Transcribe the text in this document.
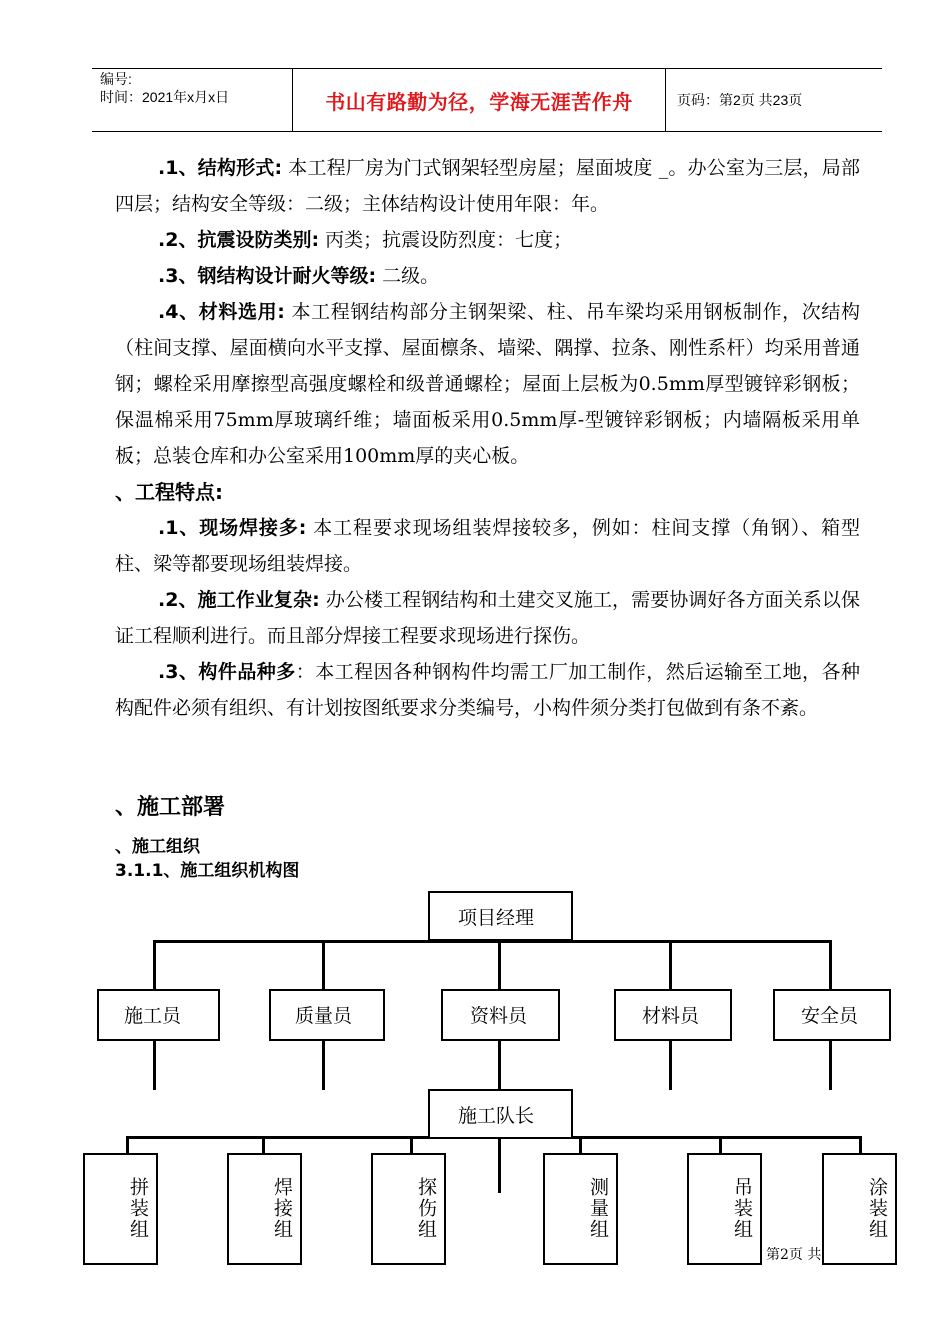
编号:
时间：2021年x月x日	书山有路勤为径，学海无涯苦作舟	页码：第2页 共23页
.1、结构形式: 本工程厂房为门式钢架轻型房屋；屋面坡度 _。办公室为三层，局部四层；结构安全等级：二级；主体结构设计使用年限：年。
.2、抗震设防类别: 丙类；抗震设防烈度：七度；
.3、钢结构设计耐火等级: 二级。
.4、材料选用: 本工程钢结构部分主钢架梁、柱、吊车梁均采用钢板制作，次结构（柱间支撑、屋面横向水平支撑、屋面檩条、墙梁、隅撑、拉条、刚性系杆）均采用普通钢；螺栓采用摩擦型高强度螺栓和级普通螺栓；屋面上层板为0.5mm厚型镀锌彩钢板；保温棉采用75mm厚玻璃纤维；墙面板采用0.5mm厚-型镀锌彩钢板；内墙隔板采用单板；总装仓库和办公室采用100mm厚的夹心板。
、工程特点:
.1、现场焊接多: 本工程要求现场组装焊接较多，例如：柱间支撑（角钢）、箱型柱、梁等都要现场组装焊接。
.2、施工作业复杂: 办公楼工程钢结构和土建交叉施工，需要协调好各方面关系以保证工程顺利进行。而且部分焊接工程要求现场进行探伤。
.3、构件品种多：本工程因各种钢构件均需工厂加工制作，然后运输至工地，各种构配件必须有组织、有计划按图纸要求分类编号，小构件须分类打包做到有条不紊。
、施工部署
、施工组织
3.1.1、施工组织机构图
项目经理
施工员	质量员	资料员	材料员	安全员
施工队长
拼装组	焊接组	探伤组	测量组	吊装组	涂装组
第2页 共
